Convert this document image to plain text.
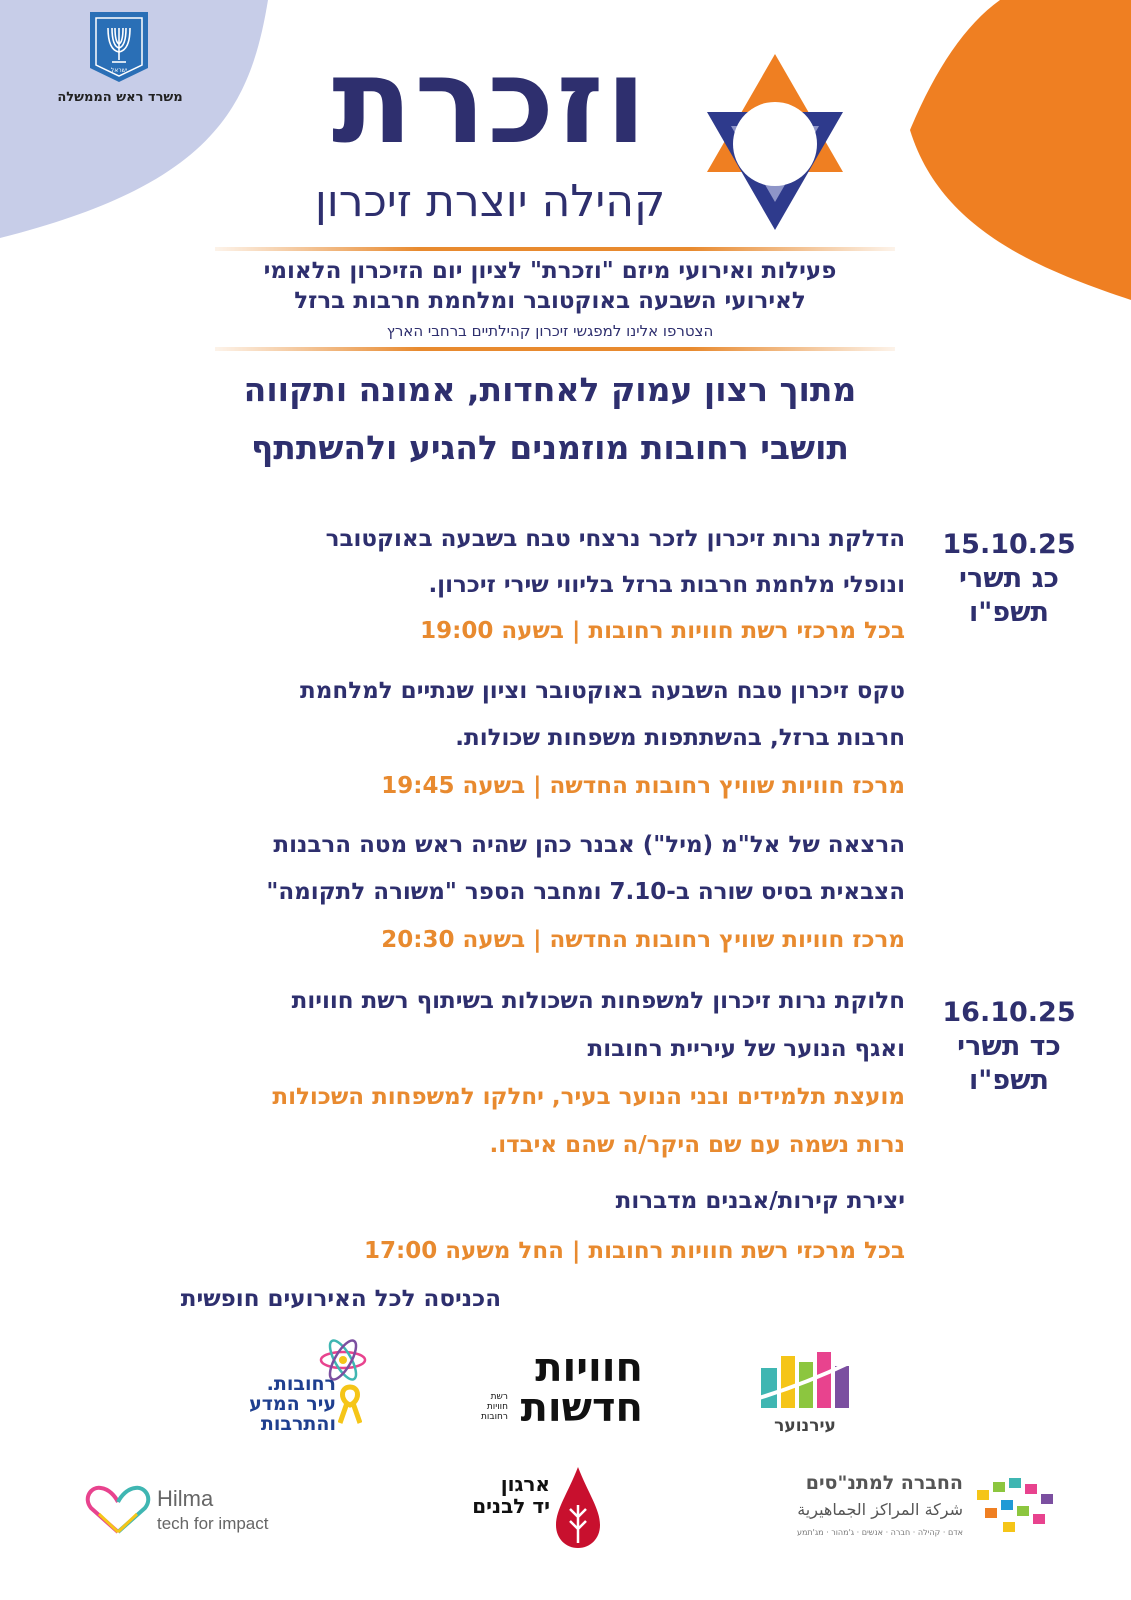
ישראל
משרד ראש הממשלה	וזכרת
קהילה יוצרת זיכרון
פעילות ואירועי מיזם "וזכרת" לציון יום הזיכרון הלאומי
לאירועי השבעה באוקטובר ומלחמת חרבות ברזל
הצטרפו אלינו למפגשי זיכרון קהילתיים ברחבי הארץ
מתוך רצון עמוק לאחדות, אמונה ותקווה
תושבי רחובות מוזמנים להגיע ולהשתתף
15.10.25
כג תשרי
תשפ"ו
16.10.25
כד תשרי
תשפ"ו
הדלקת נרות זיכרון לזכר נרצחי טבח בשבעה באוקטובר
ונופלי מלחמת חרבות ברזל בליווי שירי זיכרון.
בכל מרכזי רשת חוויות רחובות | בשעה 19:00
טקס זיכרון טבח השבעה באוקטובר וציון שנתיים למלחמת
חרבות ברזל, בהשתתפות משפחות שכולות.
מרכז חוויות שוויץ רחובות החדשה | בשעה 19:45
הרצאה של אל"מ (מיל") אבנר כהן שהיה ראש מטה הרבנות
הצבאית בסיס שורה ב-7.10 ומחבר הספר "משורה לתקומה"
מרכז חוויות שוויץ רחובות החדשה | בשעה 20:30
חלוקת נרות זיכרון למשפחות השכולות בשיתוף רשת חוויות
ואגף הנוער של עיריית רחובות
מועצת תלמידים ובני הנוער בעיר, יחלקו למשפחות השכולות
נרות נשמה עם שם היקר/ה שהם איבדו.
יצירת קירות/אבנים מדברות
בכל מרכזי רשת חוויות רחובות | החל משעה 17:00
הכניסה לכל האירועים חופשית
עירנוער
חוויות
חדשות
רשת חוויות רחובות
רחובות.
עיר המדע
והתרבות
החברה למתנ"סים
شركة المراكز الجماهيرية
אדם · קהילה · חברה · אנשים · ג'מהור · מג'תמע
ארגון
יד לבנים
Hilma
tech for impact
